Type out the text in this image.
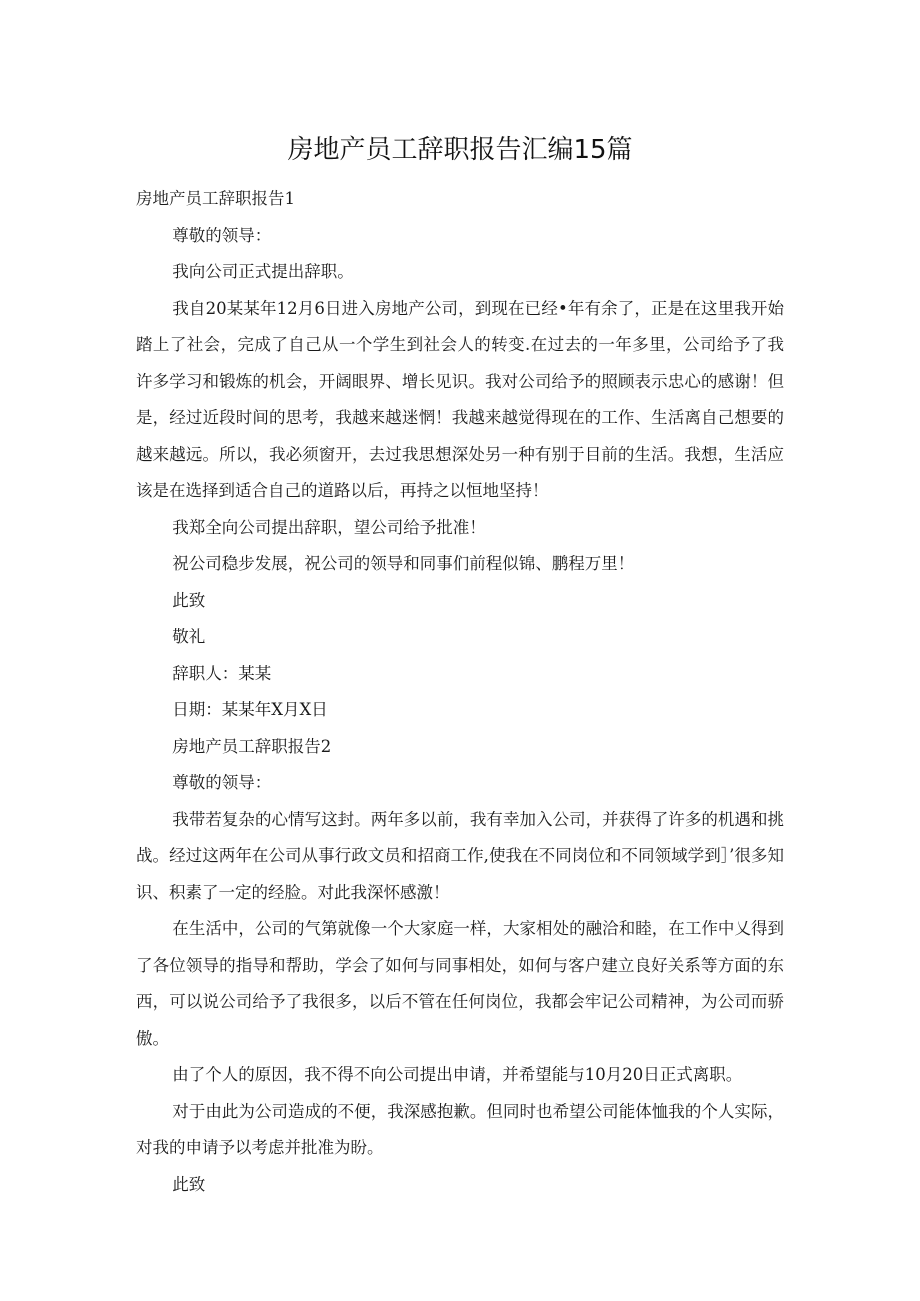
房地产员工辞职报告汇编15篇

房地产员工辞职报告1

尊敬的领导：

我向公司正式提出辞职。

我自20某某年12月6日进入房地产公司，到现在已经•年有余了，正是在这里我开始踏上了社会，完成了自己从一个学生到社会人的转变.在过去的一年多里，公司给予了我许多学习和锻炼的机会，开阔眼界、增长见识。我对公司给予的照顾表示忠心的感谢！但是，经过近段时间的思考，我越来越迷惘！我越来越觉得现在的工作、生活离自己想要的越来越远。所以，我必须窗开，去过我思想深处另一种有别于目前的生活。我想，生活应该是在选择到适合自己的道路以后，再持之以恒地坚持！

我郑全向公司提出辞职，望公司给予批准！

祝公司稳步发展，祝公司的领导和同事们前程似锦、鹏程万里！

此致

敬礼

辞职人：某某

日期：某某年X月X日

房地产员工辞职报告2

尊敬的领导：

我带若复杂的心情写这封。两年多以前，我有幸加入公司，并获得了许多的机遇和挑战。经过这两年在公司从事行政文员和招商工作,使我在不同岗位和不同领域学到］’很多知识、积素了一定的经脸。对此我深怀感激！

在生活中，公司的气第就像一个大家庭一样，大家相处的融洽和睦，在工作中乂得到了各位领导的指导和帮助，学会了如何与同事相处，如何与客户建立良好关系等方面的东西，可以说公司给予了我很多，以后不管在任何岗位，我都会牢记公司精神，为公司而骄傲。

由了个人的原因，我不得不向公司提出申请，并希望能与10月20日正式离职。

对于由此为公司造成的不便，我深感抱歉。但同时也希望公司能体恤我的个人实际，对我的申请予以考虑并批准为盼。

此致
